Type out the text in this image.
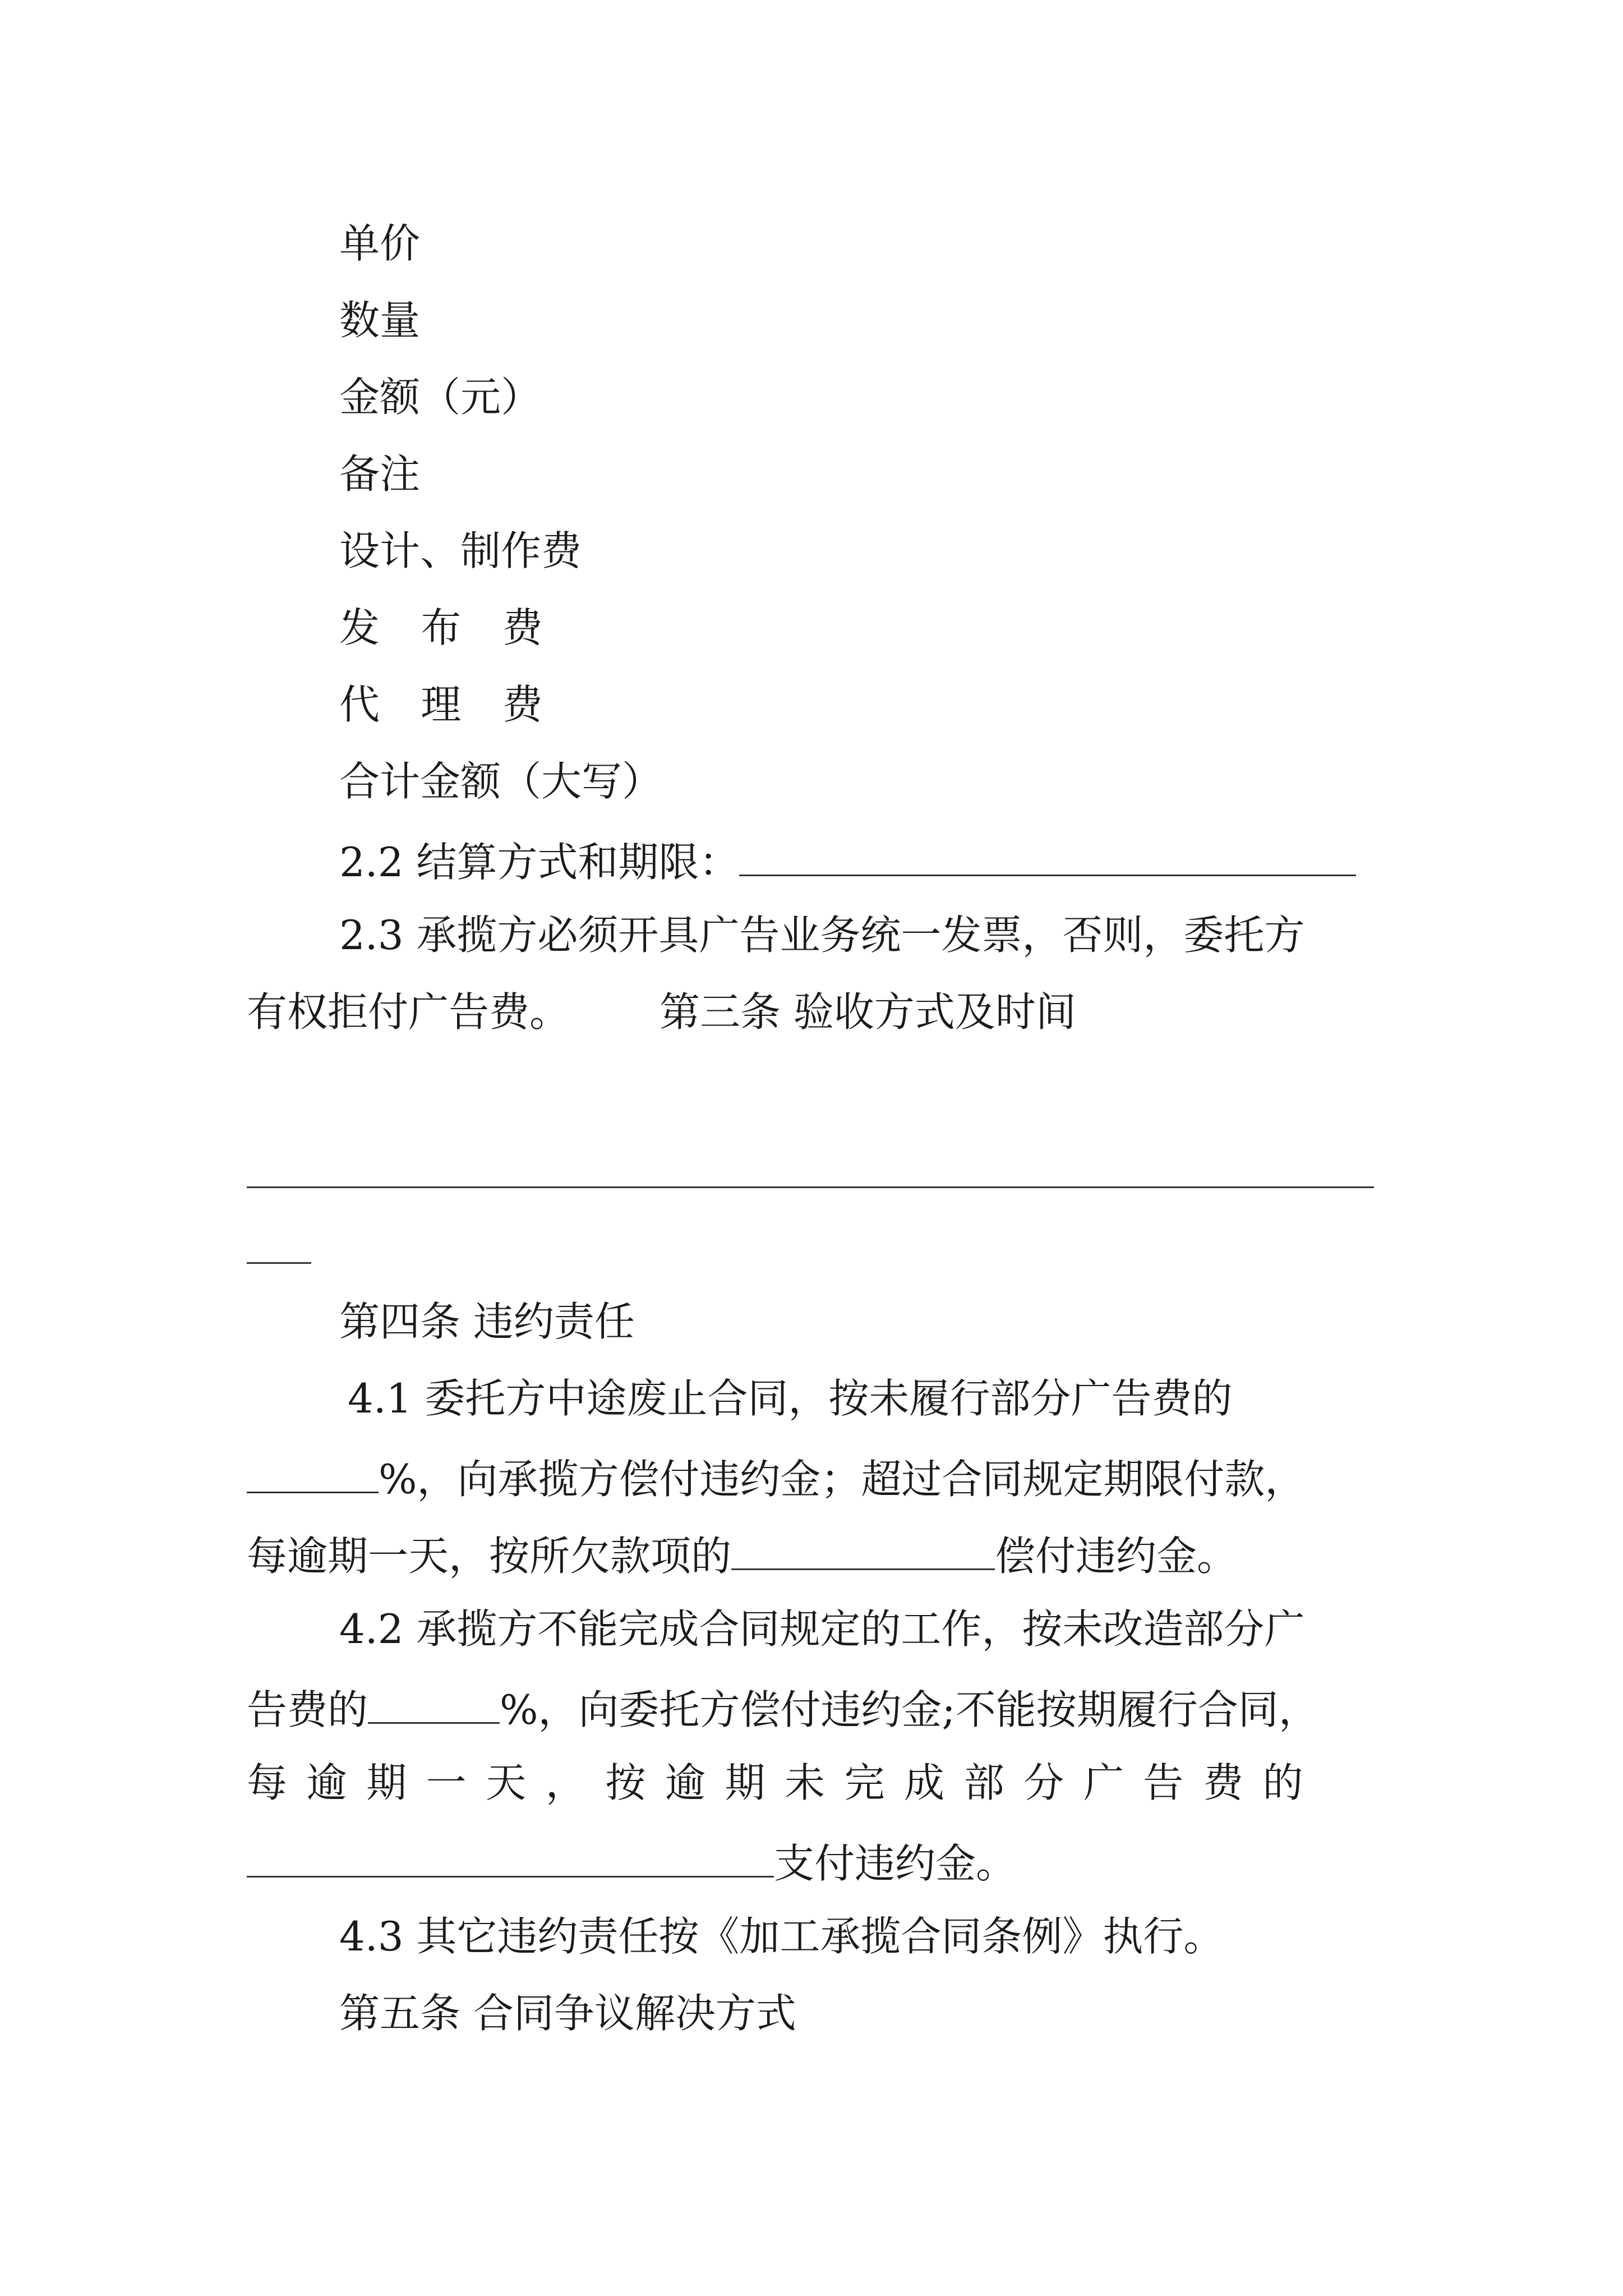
单价
数量
金额（元）
备注
设计、制作费
发 布 费
代 理 费
合计金额（大写）
2.2 结算方式和期限：
2.3 承揽方必须开具广告业务统一发票，否则，委托方
有权拒付广告费。 第三条 验收方式及时间
第四条 违约责任
4.1 委托方中途废止合同，按未履行部分广告费的
%，向承揽方偿付违约金；超过合同规定期限付款，
每逾期一天，按所欠款项的	偿付违约金。
4.2 承揽方不能完成合同规定的工作，按未改造部分广
告费的	%，向委托方偿付违约金;不能按期履行合同，
每逾期一天，按逾期未完成部分广告费的
支付违约金。
4.3 其它违约责任按《加工承揽合同条例》执行。
第五条 合同争议解决方式
